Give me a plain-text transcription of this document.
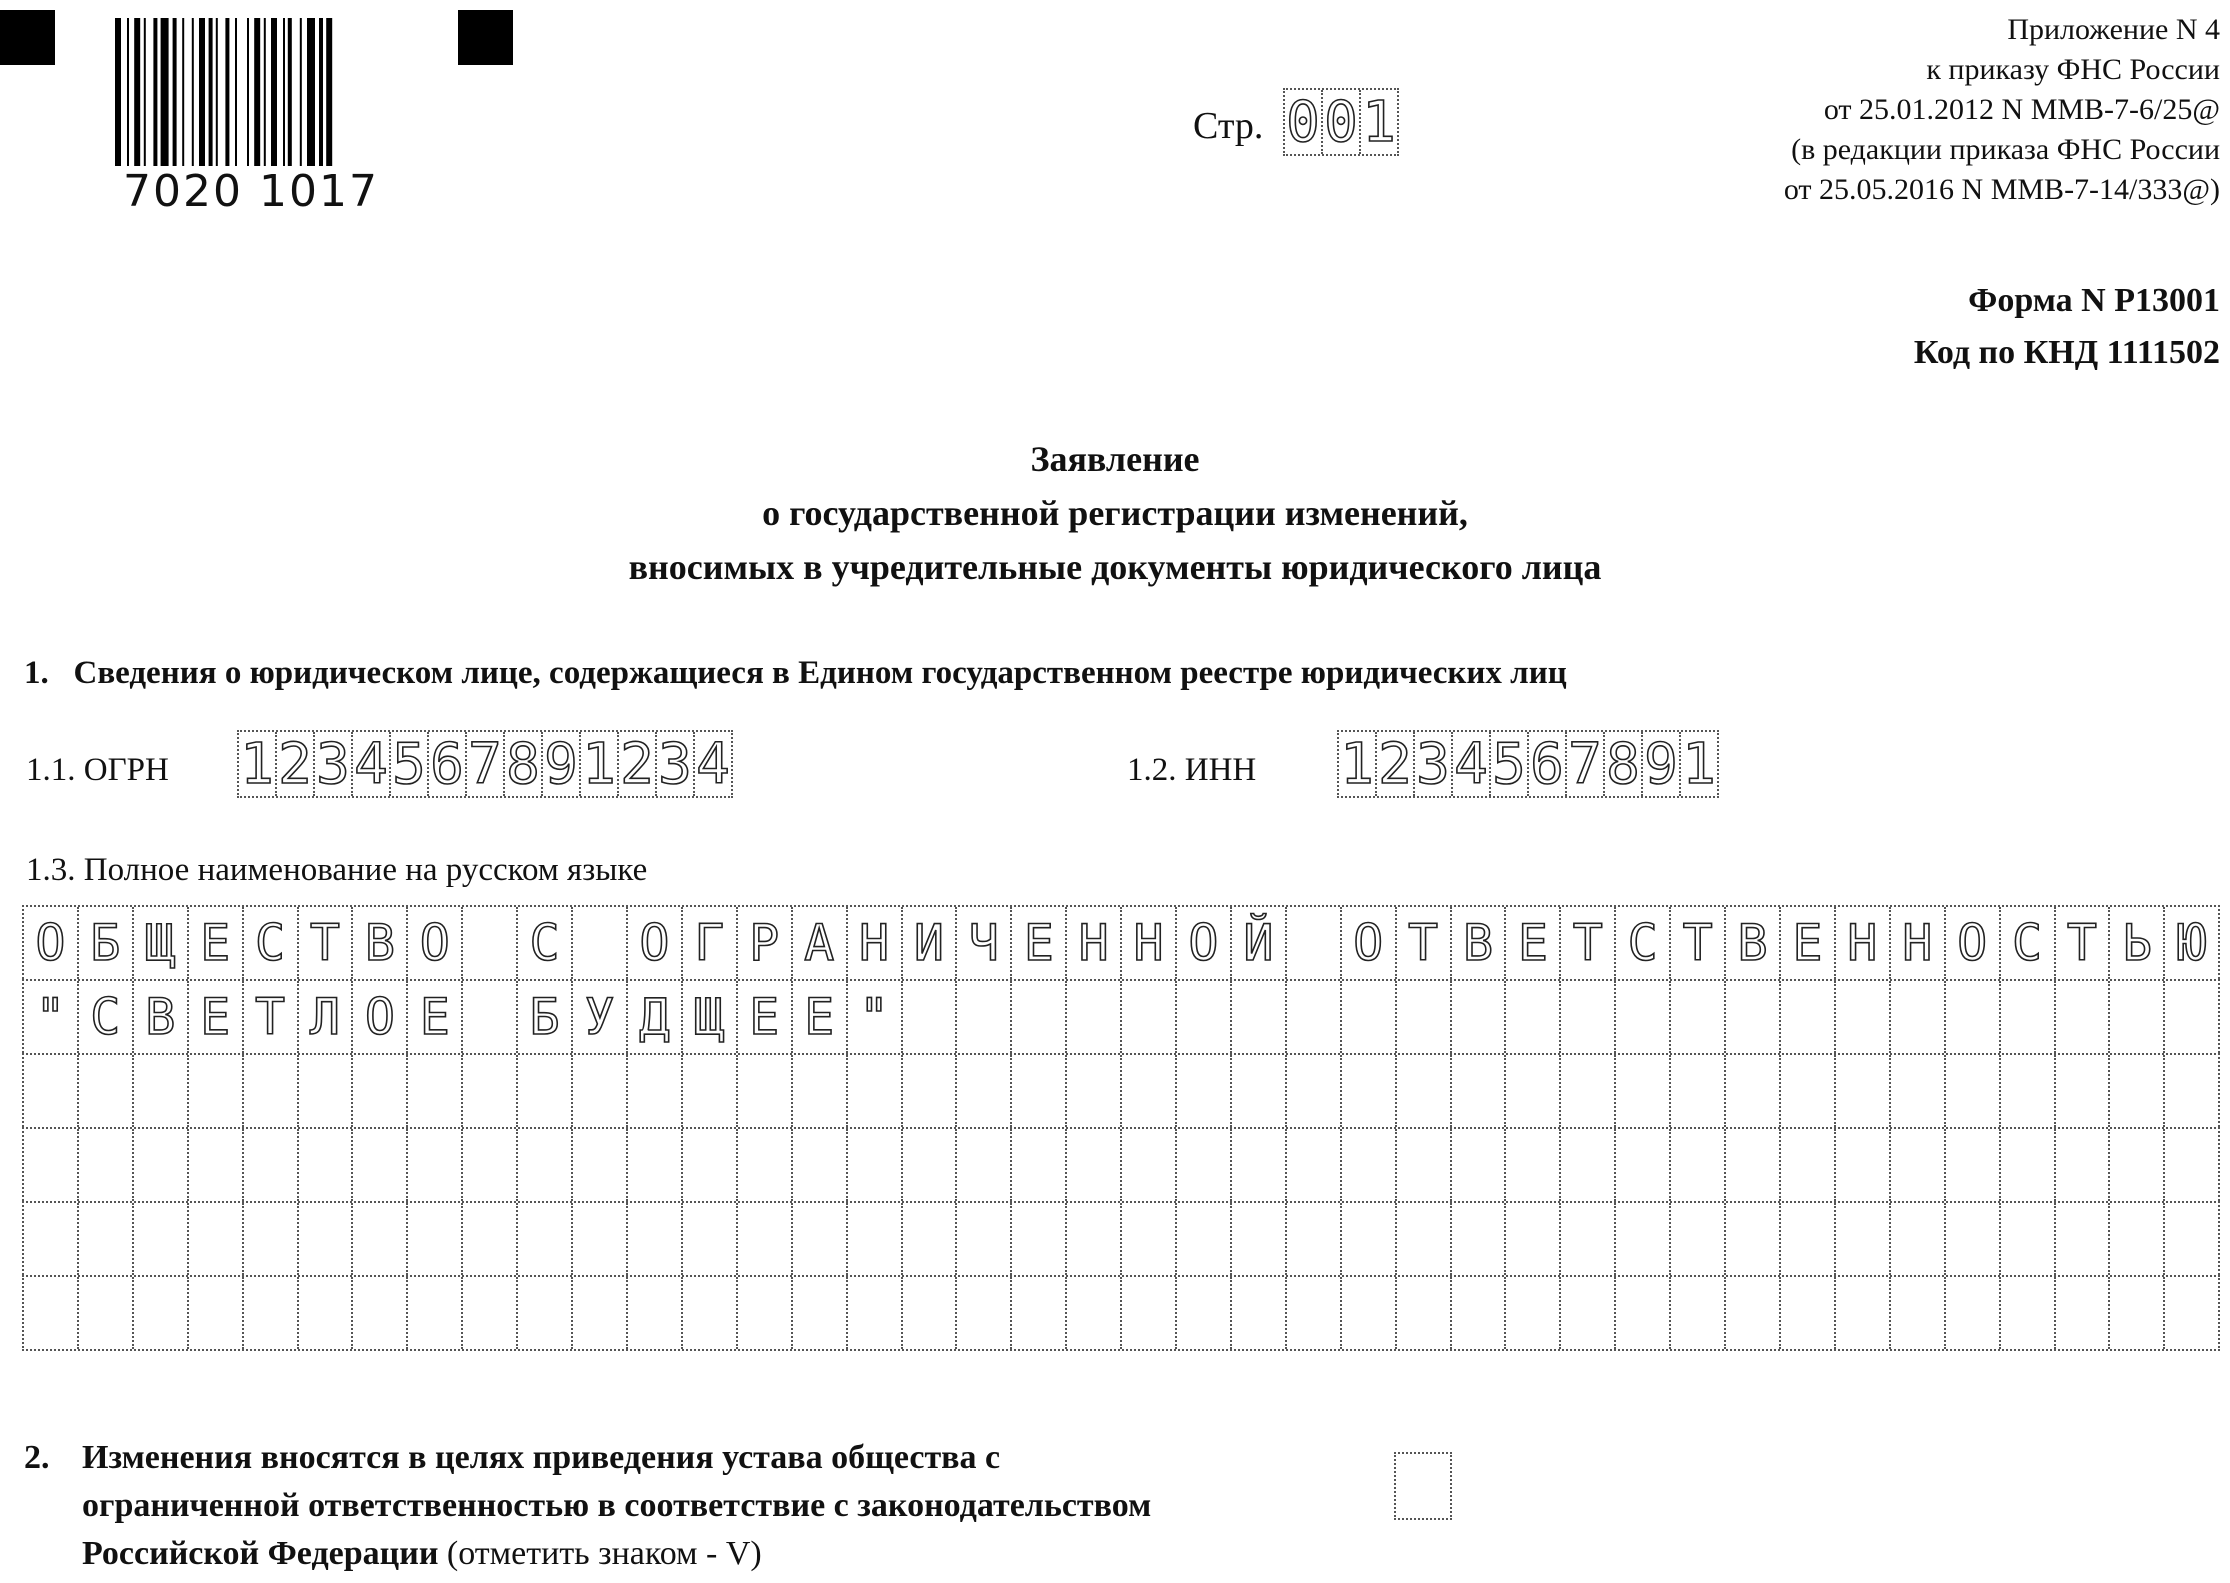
7020 1017
Стр. 0 0 1
Приложение N 4
к приказу ФНС России
от 25.01.2012 N ММВ-7-6/25@
(в редакции приказа ФНС России
от 25.05.2016 N ММВ-7-14/333@)
Форма N Р13001
Код по КНД 1111502
Заявление
о государственной регистрации изменений,
вносимых в учредительные документы юридического лица
1.   Сведения о юридическом лице, содержащиеся в Едином государственном реестре юридических лиц
1.1. ОГРН 1 2 3 4 5 6 7 8 9 1 2 3 4	1.2. ИНН 1 2 3 4 5 6 7 8 9 1
1.3. Полное наименование на русском языке
О Б Щ Е С Т В О С О Г Р А Н И Ч Е Н Н О Й О Т В Е Т С Т В Е Н Н О С Т Ь Ю
" С В Е Т Л О Е Б У Д Щ Е Е "
2. Изменения вносятся в целях приведения устава общества с
ограниченной ответственностью в соответствие с законодательством
Российской Федерации (отметить знаком - V)
